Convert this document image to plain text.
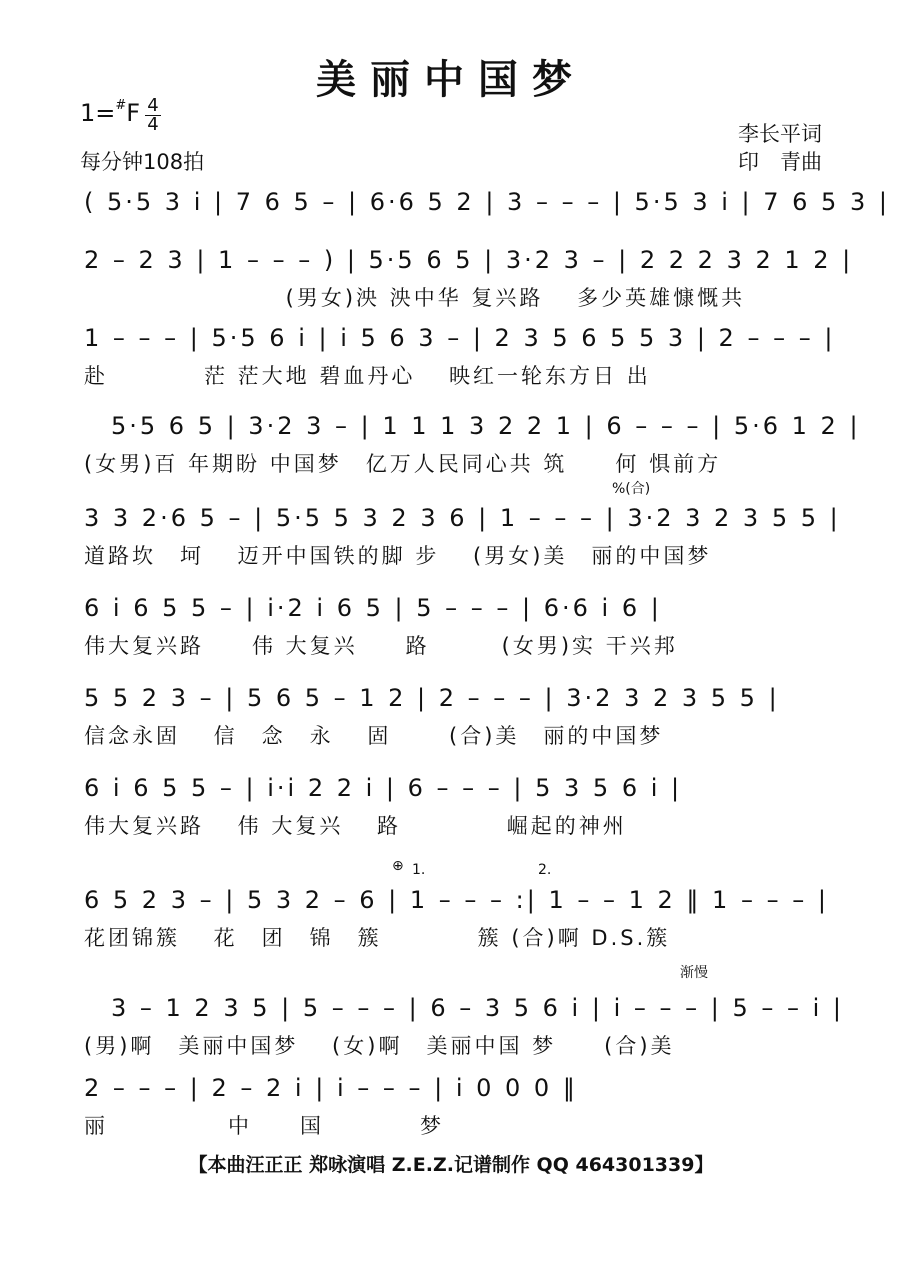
美丽中国梦
$1=^{\#}F \frac{4}{4}$
每分钟108拍
李长平词
印　青曲
( 5·5 3 i | 7 6 5 – | 6·6 5 2 | 3 – – – | 5·5 3 i | 7 6 5 3 |
2 – 2 3 | 1 – – – ) | 5·5 6 5 | 3·2 3 – | 2 2 2 3 2 1 2 |
　　　　　　　　 (男女)泱 泱中华 复兴路　 多少英雄慷慨共
1 – – – | 5·5 6 i | i 5 6 3 – | 2 3 5 6 5 5 3 | 2 – – – |
赴　　　　茫 茫大地 碧血丹心　 映红一轮东方日 出
　5·5 6 5 | 3·2 3 – | 1 1 1 3 2 2 1 | 6 – – – | 5·6 1 2 |
(女男)百 年期盼 中国梦　亿万人民同心共 筑　　何 惧前方
3 3 2·6 5 – | 5·5 5 3 2 3 6 | 1 – – – | 3·2 3 2 3 5 5 |
道路坎　坷　 迈开中国铁的脚 步　 (男女)美　丽的中国梦
6 i 6 5 5 – | i·2 i 6 5 | 5 – – – | 6·6 i 6 |
伟大复兴路　　伟 大复兴　　路　　　(女男)实 干兴邦
5 5 2 3 – | 5 6 5 – 1 2 | 2 – – – | 3·2 3 2 3 5 5 |
信念永固　 信　念　永　 固　　 (合)美　丽的中国梦
6 i 6 5 5 – | i·i 2 2 i | 6 – – – | 5 3 5 6 i |
伟大复兴路　 伟 大复兴　 路　　　　 崛起的神州
6 5 2 3 – | 5 3 2 – 6 | 1 – – – :| 1 – – 1 2 ‖ 1 – – – |
花团锦簇　 花　团　锦　簇　　　　簇 (合)啊 D.S.簇
　3 – 1 2 3 5 | 5 – – – | 6 – 3 5 6 i | i – – – | 5 – – i |
(男)啊　美丽中国梦　 (女)啊　美丽中国 梦　　(合)美
2 – – – | 2 – 2 i | i – – – | i 0 0 0 ‖
丽　　　　　中　　国　　　　梦
%(合)
1.	2.
⊕
渐慢
【本曲汪正正 郑咏演唱 Z.E.Z.记谱制作 QQ 464301339】
